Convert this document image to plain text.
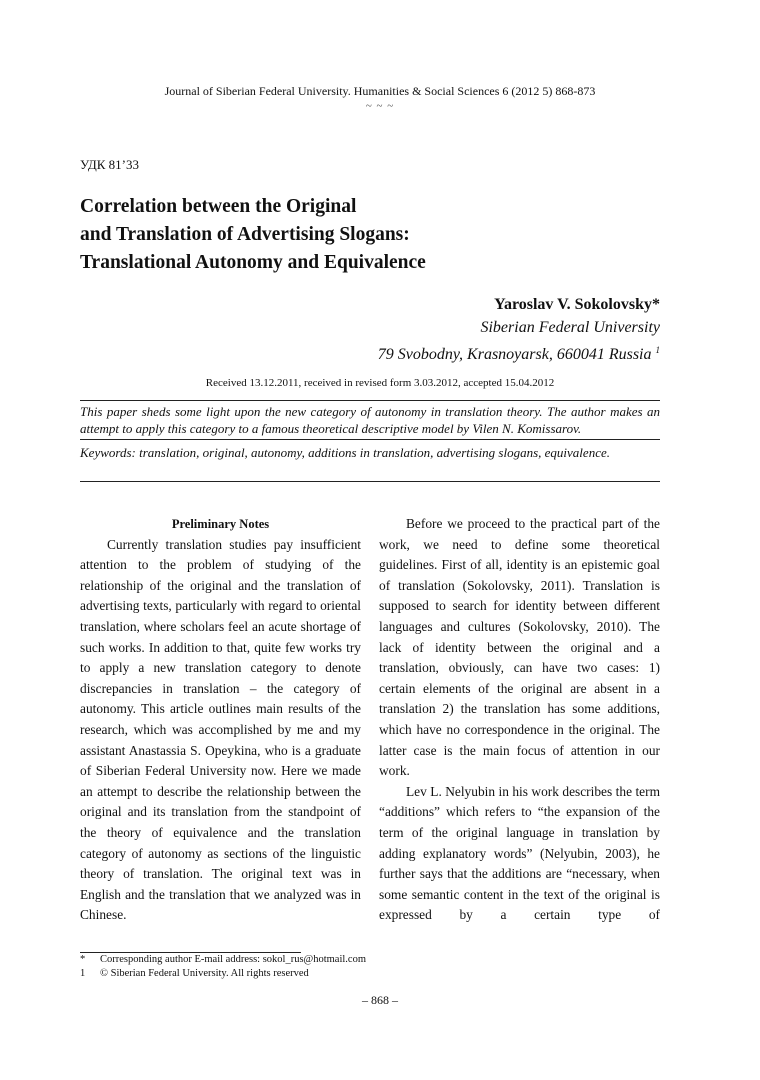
Journal of Siberian Federal University. Humanities & Social Sciences 6 (2012 5) 868-873
~ ~ ~
УДК 81’33
Correlation between the Original
and Translation of Advertising Slogans:
Translational Autonomy and Equivalence
Yaroslav V. Sokolovsky*
Siberian Federal University
79 Svobodny, Krasnoyarsk, 660041 Russia $^1$
Received 13.12.2011, received in revised form 3.03.2012, accepted 15.04.2012
This paper sheds some light upon the new category of autonomy in translation theory. The author makes an attempt to apply this category to a famous theoretical descriptive model by Vilen N. Komissarov.
Keywords: translation, original, autonomy, additions in translation, advertising slogans, equivalence.
Preliminary Notes

Currently translation studies pay insufficient attention to the problem of studying of the relationship of the original and the translation of advertising texts, particularly with regard to oriental translation, where scholars feel an acute shortage of such works. In addition to that, quite few works try to apply a new translation category to denote discrepancies in translation – the category of autonomy. This article outlines main results of the research, which was accomplished by me and my assistant Anastassia S. Opeykina, who is a graduate of Siberian Federal University now. Here we made an attempt to describe the relationship between the original and its translation from the standpoint of the theory of equivalence and the translation category of autonomy as sections of the linguistic theory of translation. The original text was in English and the translation that we analyzed was in Chinese.

Before we proceed to the practical part of the work, we need to define some theoretical guidelines. First of all, identity is an epistemic goal of translation (Sokolovsky, 2011). Translation is supposed to search for identity between different languages and cultures (Sokolovsky, 2010). The lack of identity between the original and a translation, obviously, can have two cases: 1) certain elements of the original are absent in a translation 2) the translation has some additions, which have no correspondence in the original. The latter case is the main focus of attention in our work.

Lev L. Nelyubin in his work describes the term “additions” which refers to “the expansion of the term of the original language in translation by adding explanatory words” (Nelyubin, 2003), he further says that the additions are “necessary, when some semantic content in the text of the original is expressed by a certain type of

*	Corresponding author E-mail address: sokol_rus@hotmail.com
1	© Siberian Federal University. All rights reserved
– 868 –
